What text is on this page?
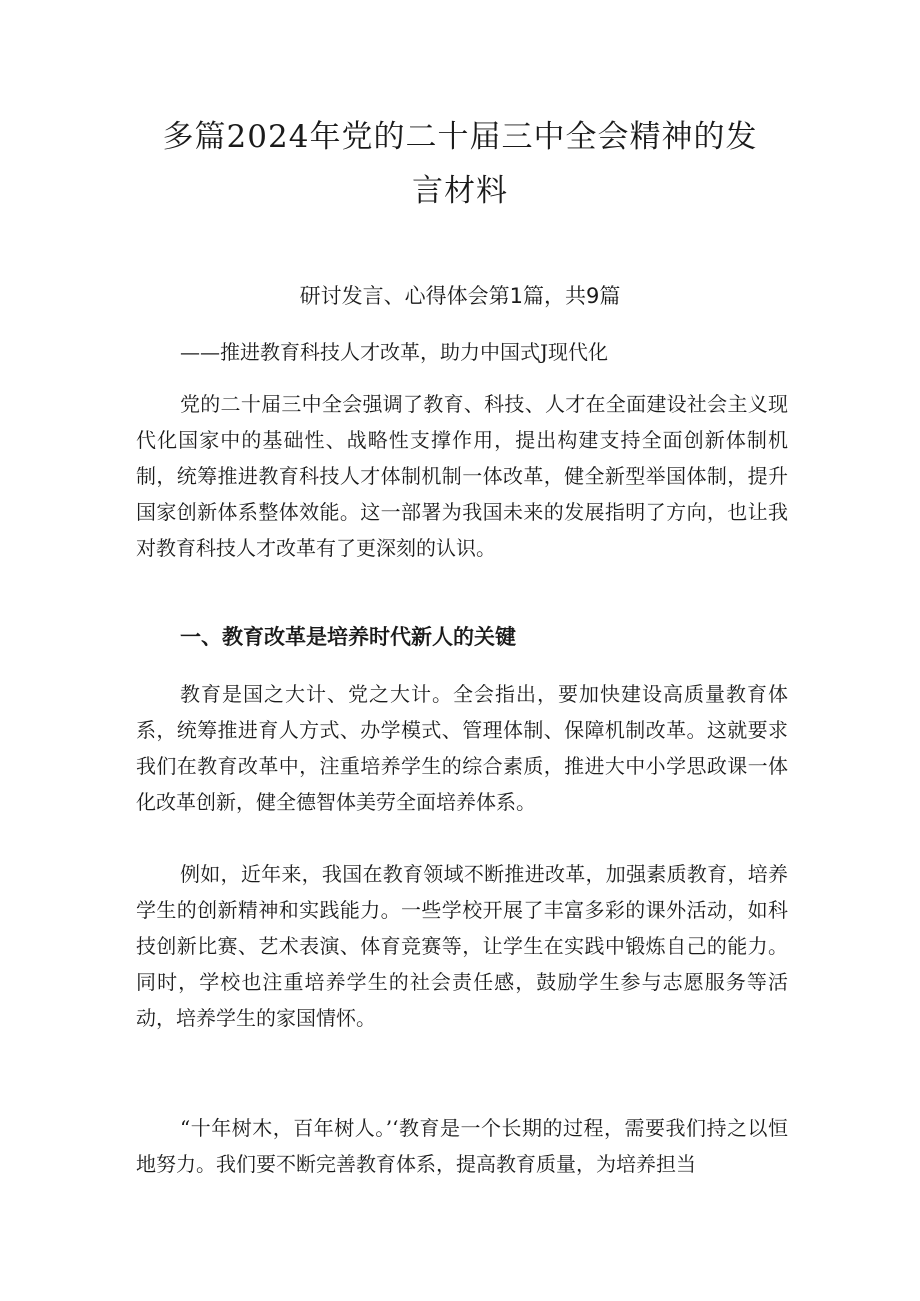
多篇2024年党的二十届三中全会精神的发言材料

研讨发言、心得体会第1篇，共9篇

——推进教育科技人才改革，助力中国式J现代化

党的二十届三中全会强调了教育、科技、人才在全面建设社会主义现代化国家中的基础性、战略性支撑作用，提出构建支持全面创新体制机制，统筹推进教育科技人才体制机制一体改革，健全新型举国体制，提升国家创新体系整体效能。这一部署为我国未来的发展指明了方向，也让我对教育科技人才改革有了更深刻的认识。

一、教育改革是培养时代新人的关键

教育是国之大计、党之大计。全会指出，要加快建设高质量教育体系，统筹推进育人方式、办学模式、管理体制、保障机制改革。这就要求我们在教育改革中，注重培养学生的综合素质，推进大中小学思政课一体化改革创新，健全德智体美劳全面培养体系。

例如，近年来，我国在教育领域不断推进改革，加强素质教育，培养学生的创新精神和实践能力。一些学校开展了丰富多彩的课外活动，如科技创新比赛、艺术表演、体育竞赛等，让学生在实践中锻炼自己的能力。同时，学校也注重培养学生的社会责任感，鼓励学生参与志愿服务等活动，培养学生的家国情怀。

“十年树木，百年树人。’‘教育是一个长期的过程，需要我们持之以恒地努力。我们要不断完善教育体系，提高教育质量，为培养担当
